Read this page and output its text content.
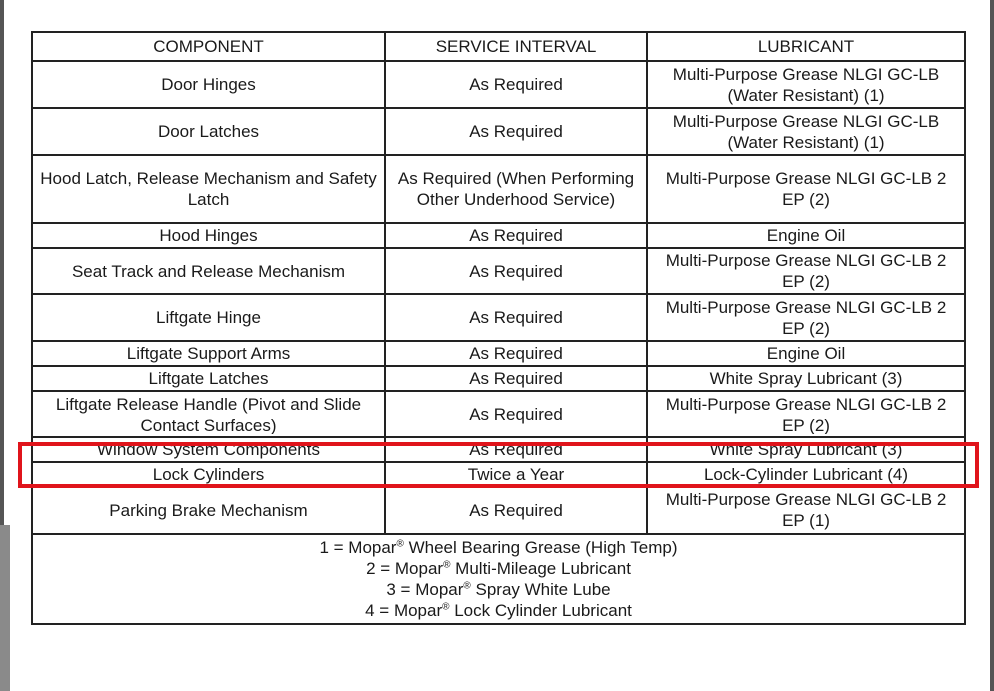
COMPONENT	SERVICE INTERVAL	LUBRICANT
Door Hinges	As Required	Multi-Purpose Grease NLGI GC-LB (Water Resistant) (1)
Door Latches	As Required	Multi-Purpose Grease NLGI GC-LB (Water Resistant) (1)
Hood Latch, Release Mechanism and Safety Latch	As Required (When Performing Other Underhood Service)	Multi-Purpose Grease NLGI GC-LB 2 EP (2)
Hood Hinges	As Required	Engine Oil
Seat Track and Release Mechanism	As Required	Multi-Purpose Grease NLGI GC-LB 2 EP (2)
Liftgate Hinge	As Required	Multi-Purpose Grease NLGI GC-LB 2 EP (2)
Liftgate Support Arms	As Required	Engine Oil
Liftgate Latches	As Required	White Spray Lubricant (3)

Liftgate Release Handle (Pivot and Slide Contact Surfaces)	As Required	Multi-Purpose Grease NLGI GC-LB 2 EP (2)

Window System Components	As Required	White Spray Lubricant (3)
Lock Cylinders	Twice a Year	Lock-Cylinder Lubricant (4)
Parking Brake Mechanism	As Required	Multi-Purpose Grease NLGI GC-LB 2 EP (1)

1 = Mopar® Wheel Bearing Grease (High Temp)
2 = Mopar® Multi-Mileage Lubricant
3 = Mopar® Spray White Lube
4 = Mopar® Lock Cylinder Lubricant		
